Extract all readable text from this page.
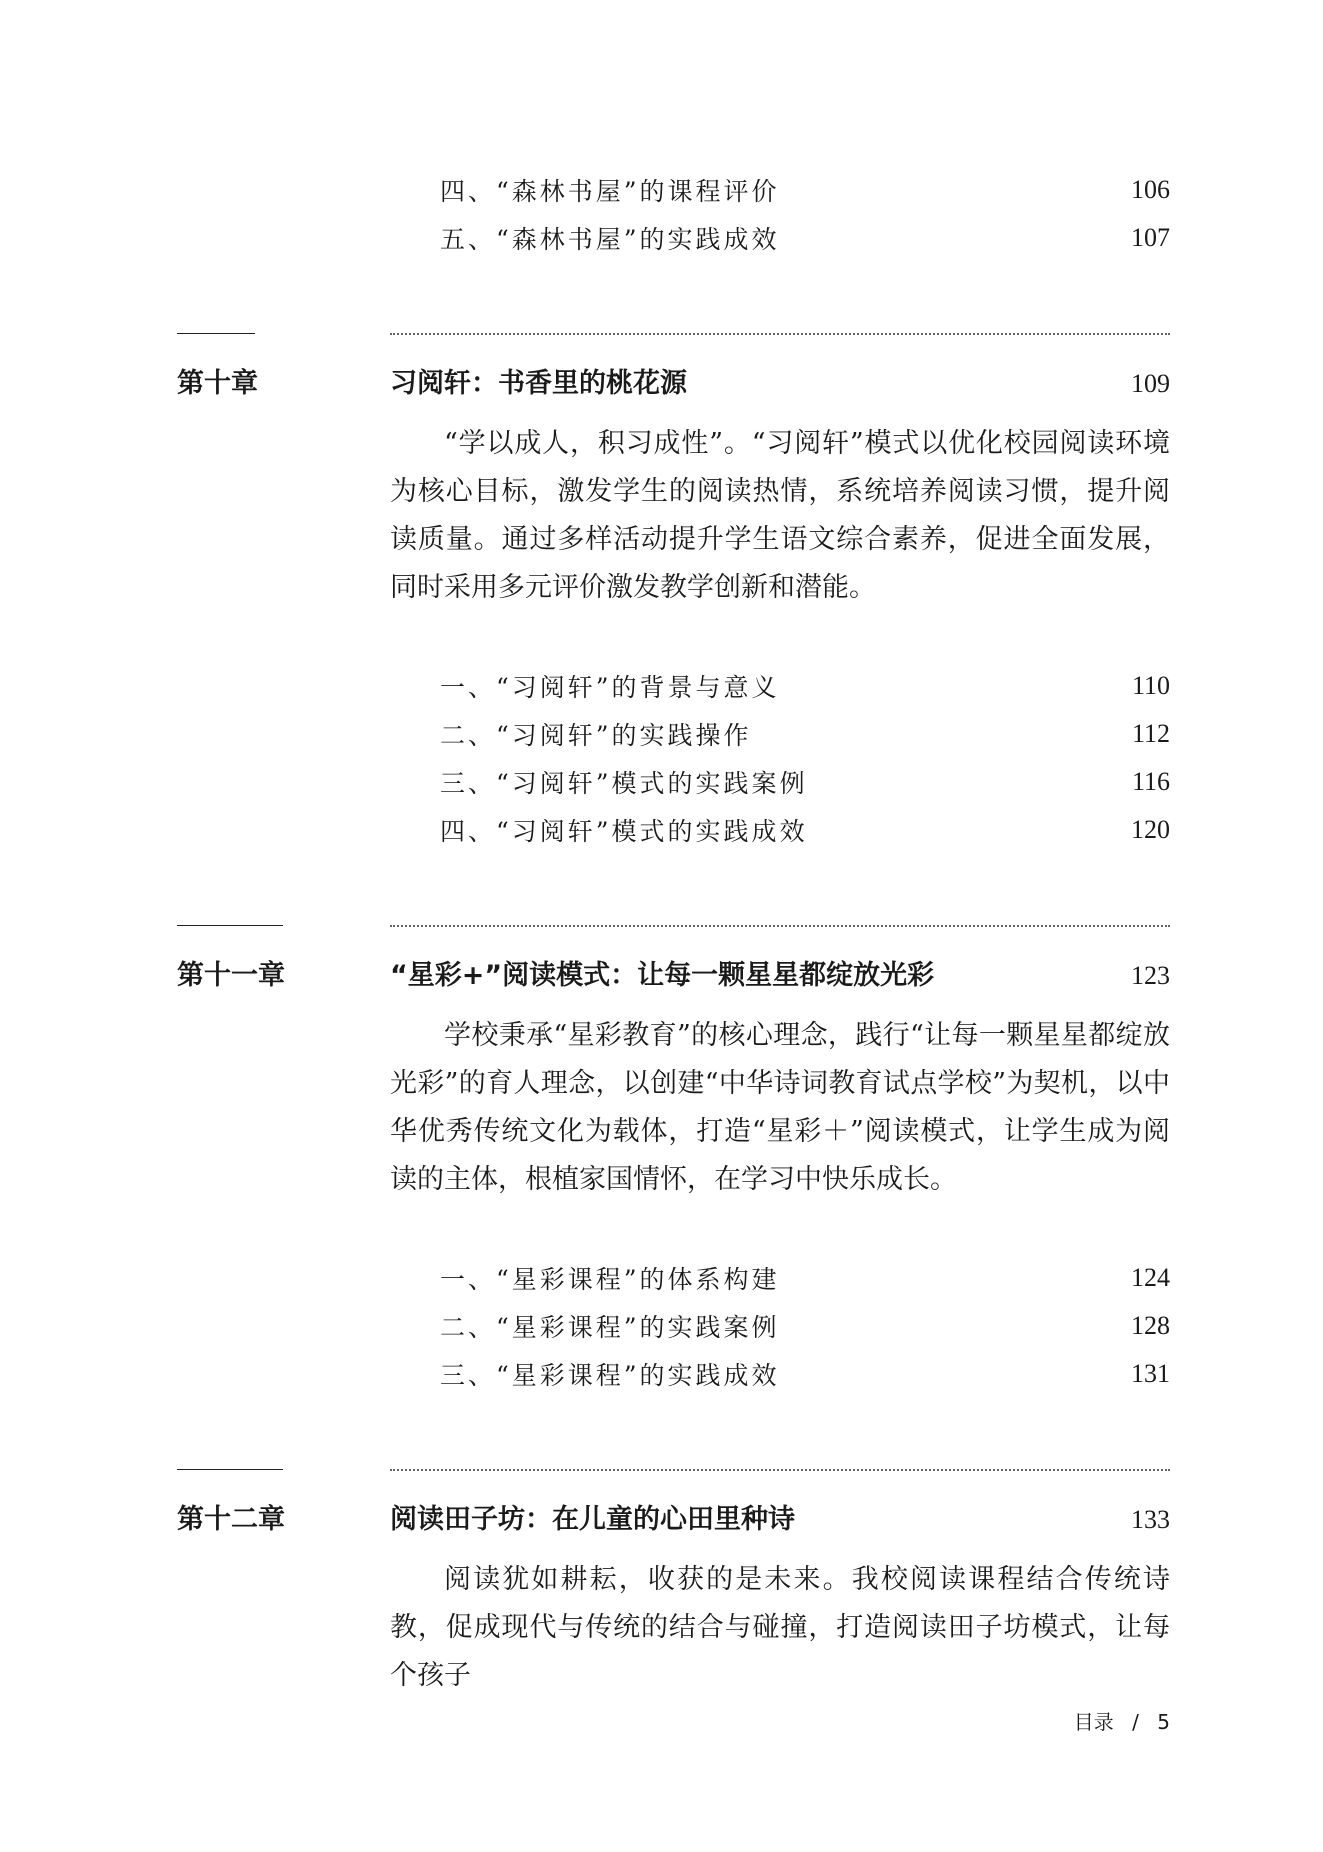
四、“森林书屋”的课程评价	106
五、“森林书屋”的实践成效	107
第十章	习阅轩：书香里的桃花源	109

“学以成人，积习成性”。“习阅轩”模式以优化校园阅读环境为核心目标，激发学生的阅读热情，系统培养阅读习惯，提升阅读质量。通过多样活动提升学生语文综合素养，促进全面发展，同时采用多元评价激发教学创新和潜能。

一、“习阅轩”的背景与意义	110
二、“习阅轩”的实践操作	112
三、“习阅轩”模式的实践案例	116
四、“习阅轩”模式的实践成效	120
第十一章	“星彩+”阅读模式：让每一颗星星都绽放光彩	123

学校秉承“星彩教育”的核心理念，践行“让每一颗星星都绽放光彩”的育人理念，以创建“中华诗词教育试点学校”为契机，以中华优秀传统文化为载体，打造“星彩＋”阅读模式，让学生成为阅读的主体，根植家国情怀，在学习中快乐成长。

一、“星彩课程”的体系构建	124
二、“星彩课程”的实践案例	128
三、“星彩课程”的实践成效	131
第十二章	阅读田子坊：在儿童的心田里种诗	133

阅读犹如耕耘，收获的是未来。我校阅读课程结合传统诗教，促成现代与传统的结合与碰撞，打造阅读田子坊模式，让每个孩子

目录 / 5
